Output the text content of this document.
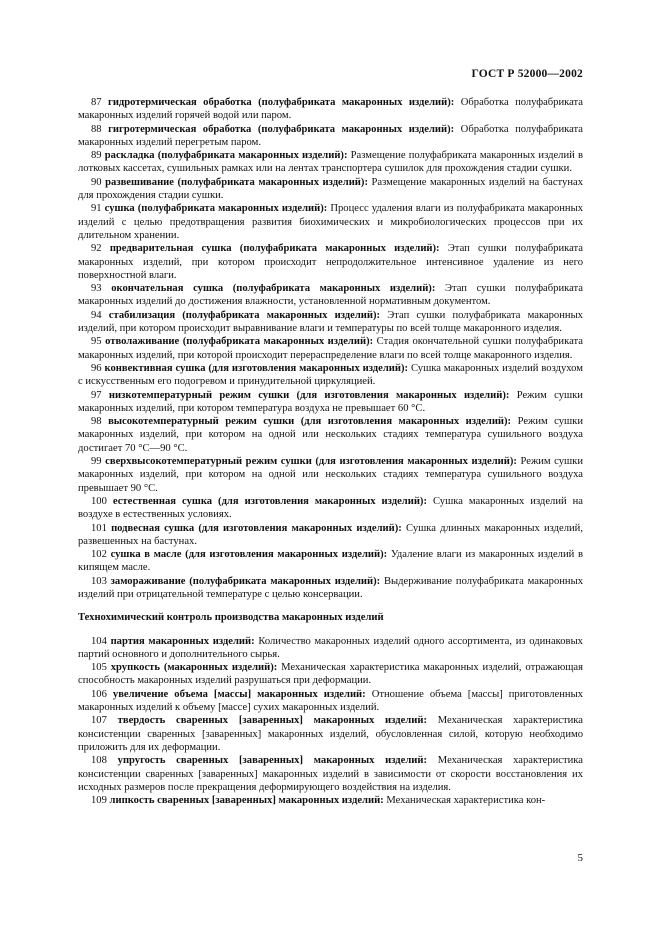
ГОСТ Р 52000—2002

87 гидротермическая обработка (полуфабриката макаронных изделий): Обработка полуфабриката макаронных изделий горячей водой или паром.

88 гигротермическая обработка (полуфабриката макаронных изделий): Обработка полуфабриката макаронных изделий перегретым паром.

89 раскладка (полуфабриката макаронных изделий): Размещение полуфабриката макаронных изделий в лотковых кассетах, сушильных рамках или на лентах транспортера сушилок для прохождения стадии сушки.

90 развешивание (полуфабриката макаронных изделий): Размещение макаронных изделий на бастунах для прохождения стадии сушки.

91 сушка (полуфабриката макаронных изделий): Процесс удаления влаги из полуфабриката макаронных изделий с целью предотвращения развития биохимических и микробиологических процессов при их длительном хранении.

92 предварительная сушка (полуфабриката макаронных изделий): Этап сушки полуфабриката макаронных изделий, при котором происходит непродолжительное интенсивное удаление из него поверхностной влаги.

93 окончательная сушка (полуфабриката макаронных изделий): Этап сушки полуфабриката макаронных изделий до достижения влажности, установленной нормативным документом.

94 стабилизация (полуфабриката макаронных изделий): Этап сушки полуфабриката макаронных изделий, при котором происходит выравнивание влаги и температуры по всей толще макаронного изделия.

95 отволаживание (полуфабриката макаронных изделий): Стадия окончательной сушки полуфабриката макаронных изделий, при которой происходит перераспределение влаги по всей толще макаронного изделия.

96 конвективная сушка (для изготовления макаронных изделий): Сушка макаронных изделий воздухом с искусственным его подогревом и принудительной циркуляцией.

97 низкотемпературный режим сушки (для изготовления макаронных изделий): Режим сушки макаронных изделий, при котором температура воздуха не превышает 60 °С.

98 высокотемпературный режим сушки (для изготовления макаронных изделий): Режим сушки макаронных изделий, при котором на одной или нескольких стадиях температура сушильного воздуха достигает 70 °С—90 °С.

99 сверхвысокотемпературный режим сушки (для изготовления макаронных изделий): Режим сушки макаронных изделий, при котором на одной или нескольких стадиях температура сушильного воздуха превышает 90 °С.

100 естественная сушка (для изготовления макаронных изделий): Сушка макаронных изделий на воздухе в естественных условиях.

101 подвесная сушка (для изготовления макаронных изделий): Сушка длинных макаронных изделий, развешенных на бастунах.

102 сушка в масле (для изготовления макаронных изделий): Удаление влаги из макаронных изделий в кипящем масле.

103 замораживание (полуфабриката макаронных изделий): Выдерживание полуфабриката макаронных изделий при отрицательной температуре с целью консервации.

Технохимический контроль производства макаронных изделий

104 партия макаронных изделий: Количество макаронных изделий одного ассортимента, из одинаковых партий основного и дополнительного сырья.

105 хрупкость (макаронных изделий): Механическая характеристика макаронных изделий, отражающая способность макаронных изделий разрушаться при деформации.

106 увеличение объема [массы] макаронных изделий: Отношение объема [массы] приготовленных макаронных изделий к объему [массе] сухих макаронных изделий.

107 твердость сваренных [заваренных] макаронных изделий: Механическая характеристика консистенции сваренных [заваренных] макаронных изделий, обусловленная силой, которую необходимо приложить для их деформации.

108 упругость сваренных [заваренных] макаронных изделий: Механическая характеристика консистенции сваренных [заваренных] макаронных изделий в зависимости от скорости восстановления их исходных размеров после прекращения деформирующего воздействия на изделия.

109 липкость сваренных [заваренных] макаронных изделий: Механическая характеристика кон-

5
